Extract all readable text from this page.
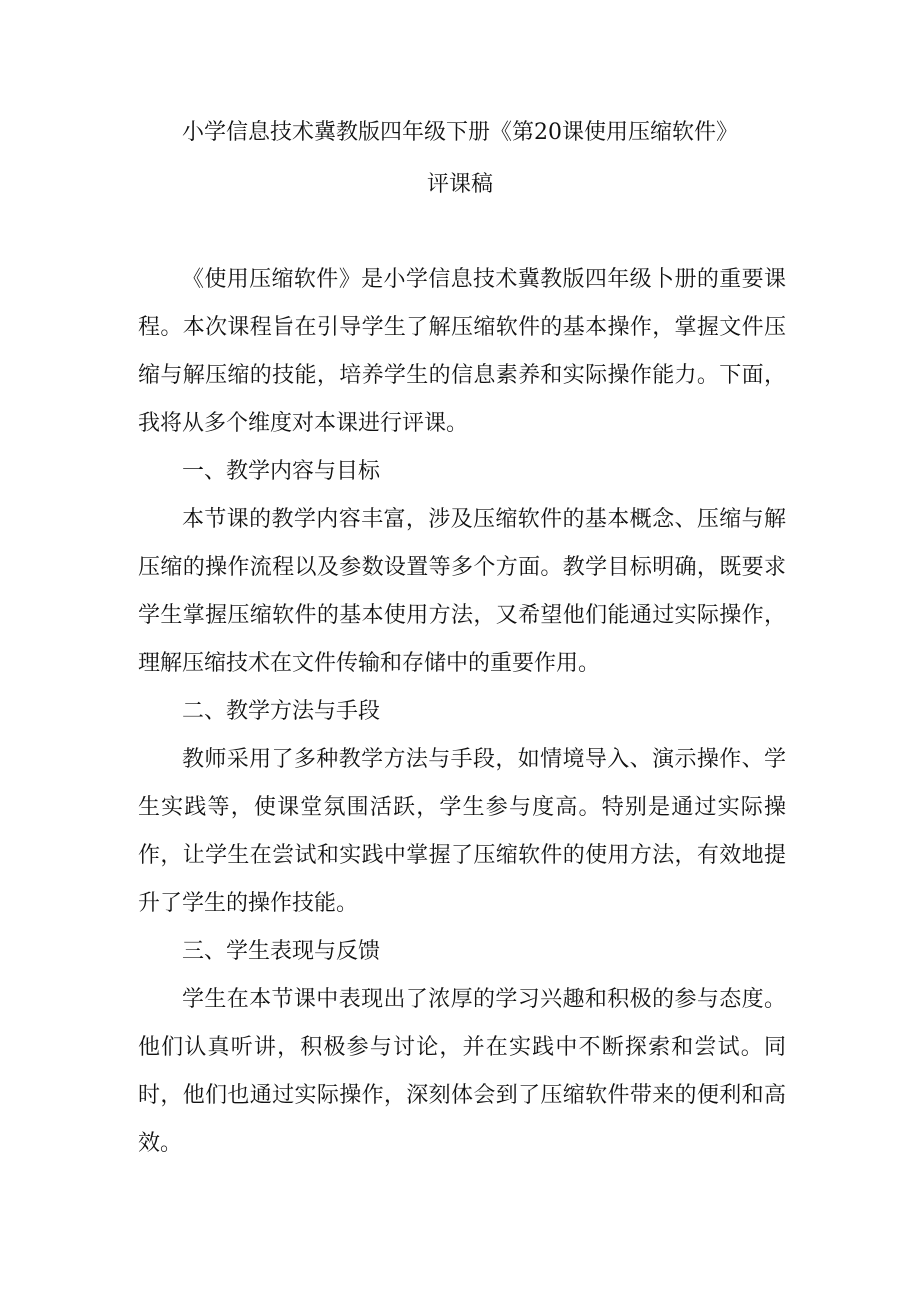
小学信息技术冀教版四年级下册《第20课使用压缩软件》
评课稿

《使用压缩软件》是小学信息技术冀教版四年级卜册的重要课程。本次课程旨在引导学生了解压缩软件的基本操作，掌握文件压缩与解压缩的技能，培养学生的信息素养和实际操作能力。下面，我将从多个维度对本课进行评课。

一、教学内容与目标

本节课的教学内容丰富，涉及压缩软件的基本概念、压缩与解压缩的操作流程以及参数设置等多个方面。教学目标明确，既要求学生掌握压缩软件的基本使用方法，又希望他们能通过实际操作，理解压缩技术在文件传输和存储中的重要作用。

二、教学方法与手段

教师采用了多种教学方法与手段，如情境导入、演示操作、学生实践等，使课堂氛围活跃，学生参与度高。特别是通过实际操作，让学生在尝试和实践中掌握了压缩软件的使用方法，有效地提升了学生的操作技能。

三、学生表现与反馈

学生在本节课中表现出了浓厚的学习兴趣和积极的参与态度。他们认真听讲，积极参与讨论，并在实践中不断探索和尝试。同时，他们也通过实际操作，深刻体会到了压缩软件带来的便利和高效。
